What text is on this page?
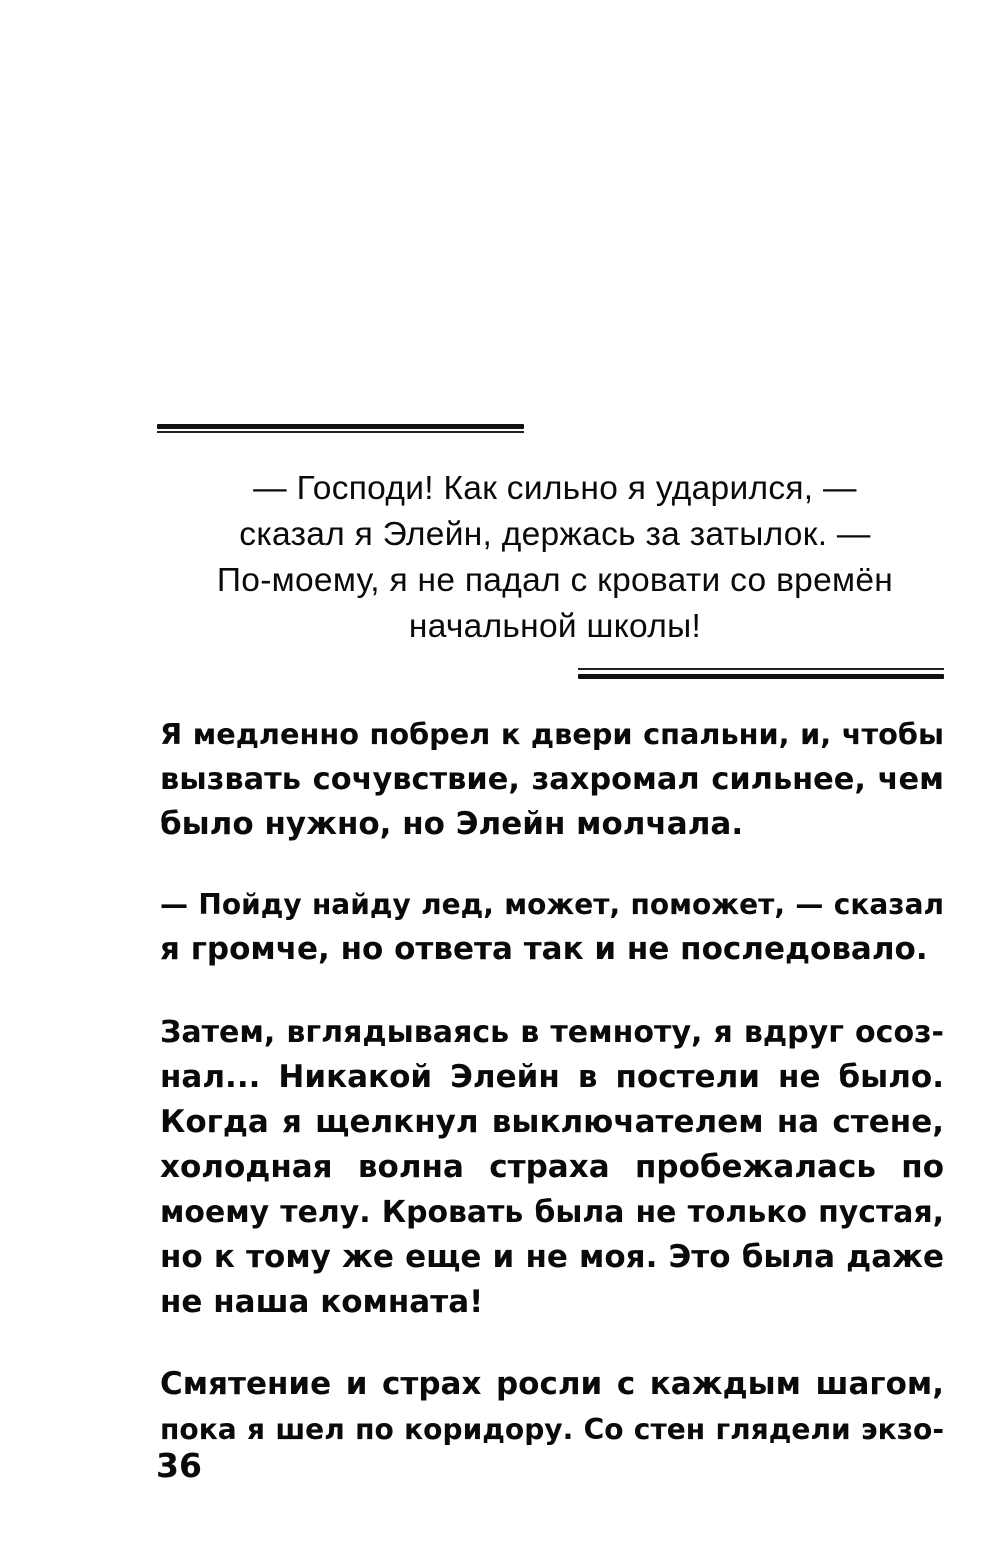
— Господи! Как сильно я ударился, —
сказал я Элейн, держась за затылок. —
По-моему, я не падал с кровати со времён
начальной школы!
Я медленно побрел к двери спальни, и, чтобы
вызвать сочувствие, захромал сильнее, чем
было нужно, но Элейн молчала.
— Пойду найду лед, может, поможет, — сказал
я громче, но ответа так и не последовало.
Затем, вглядываясь в темноту, я вдруг осоз-
нал... Никакой Элейн в постели не было.
Когда я щелкнул выключателем на стене,
холодная волна страха пробежалась по
моему телу. Кровать была не только пустая,
но к тому же еще и не моя. Это была даже
не наша комната!
Смятение и страх росли с каждым шагом,
пока я шел по коридору. Со стен глядели экзо-
36
